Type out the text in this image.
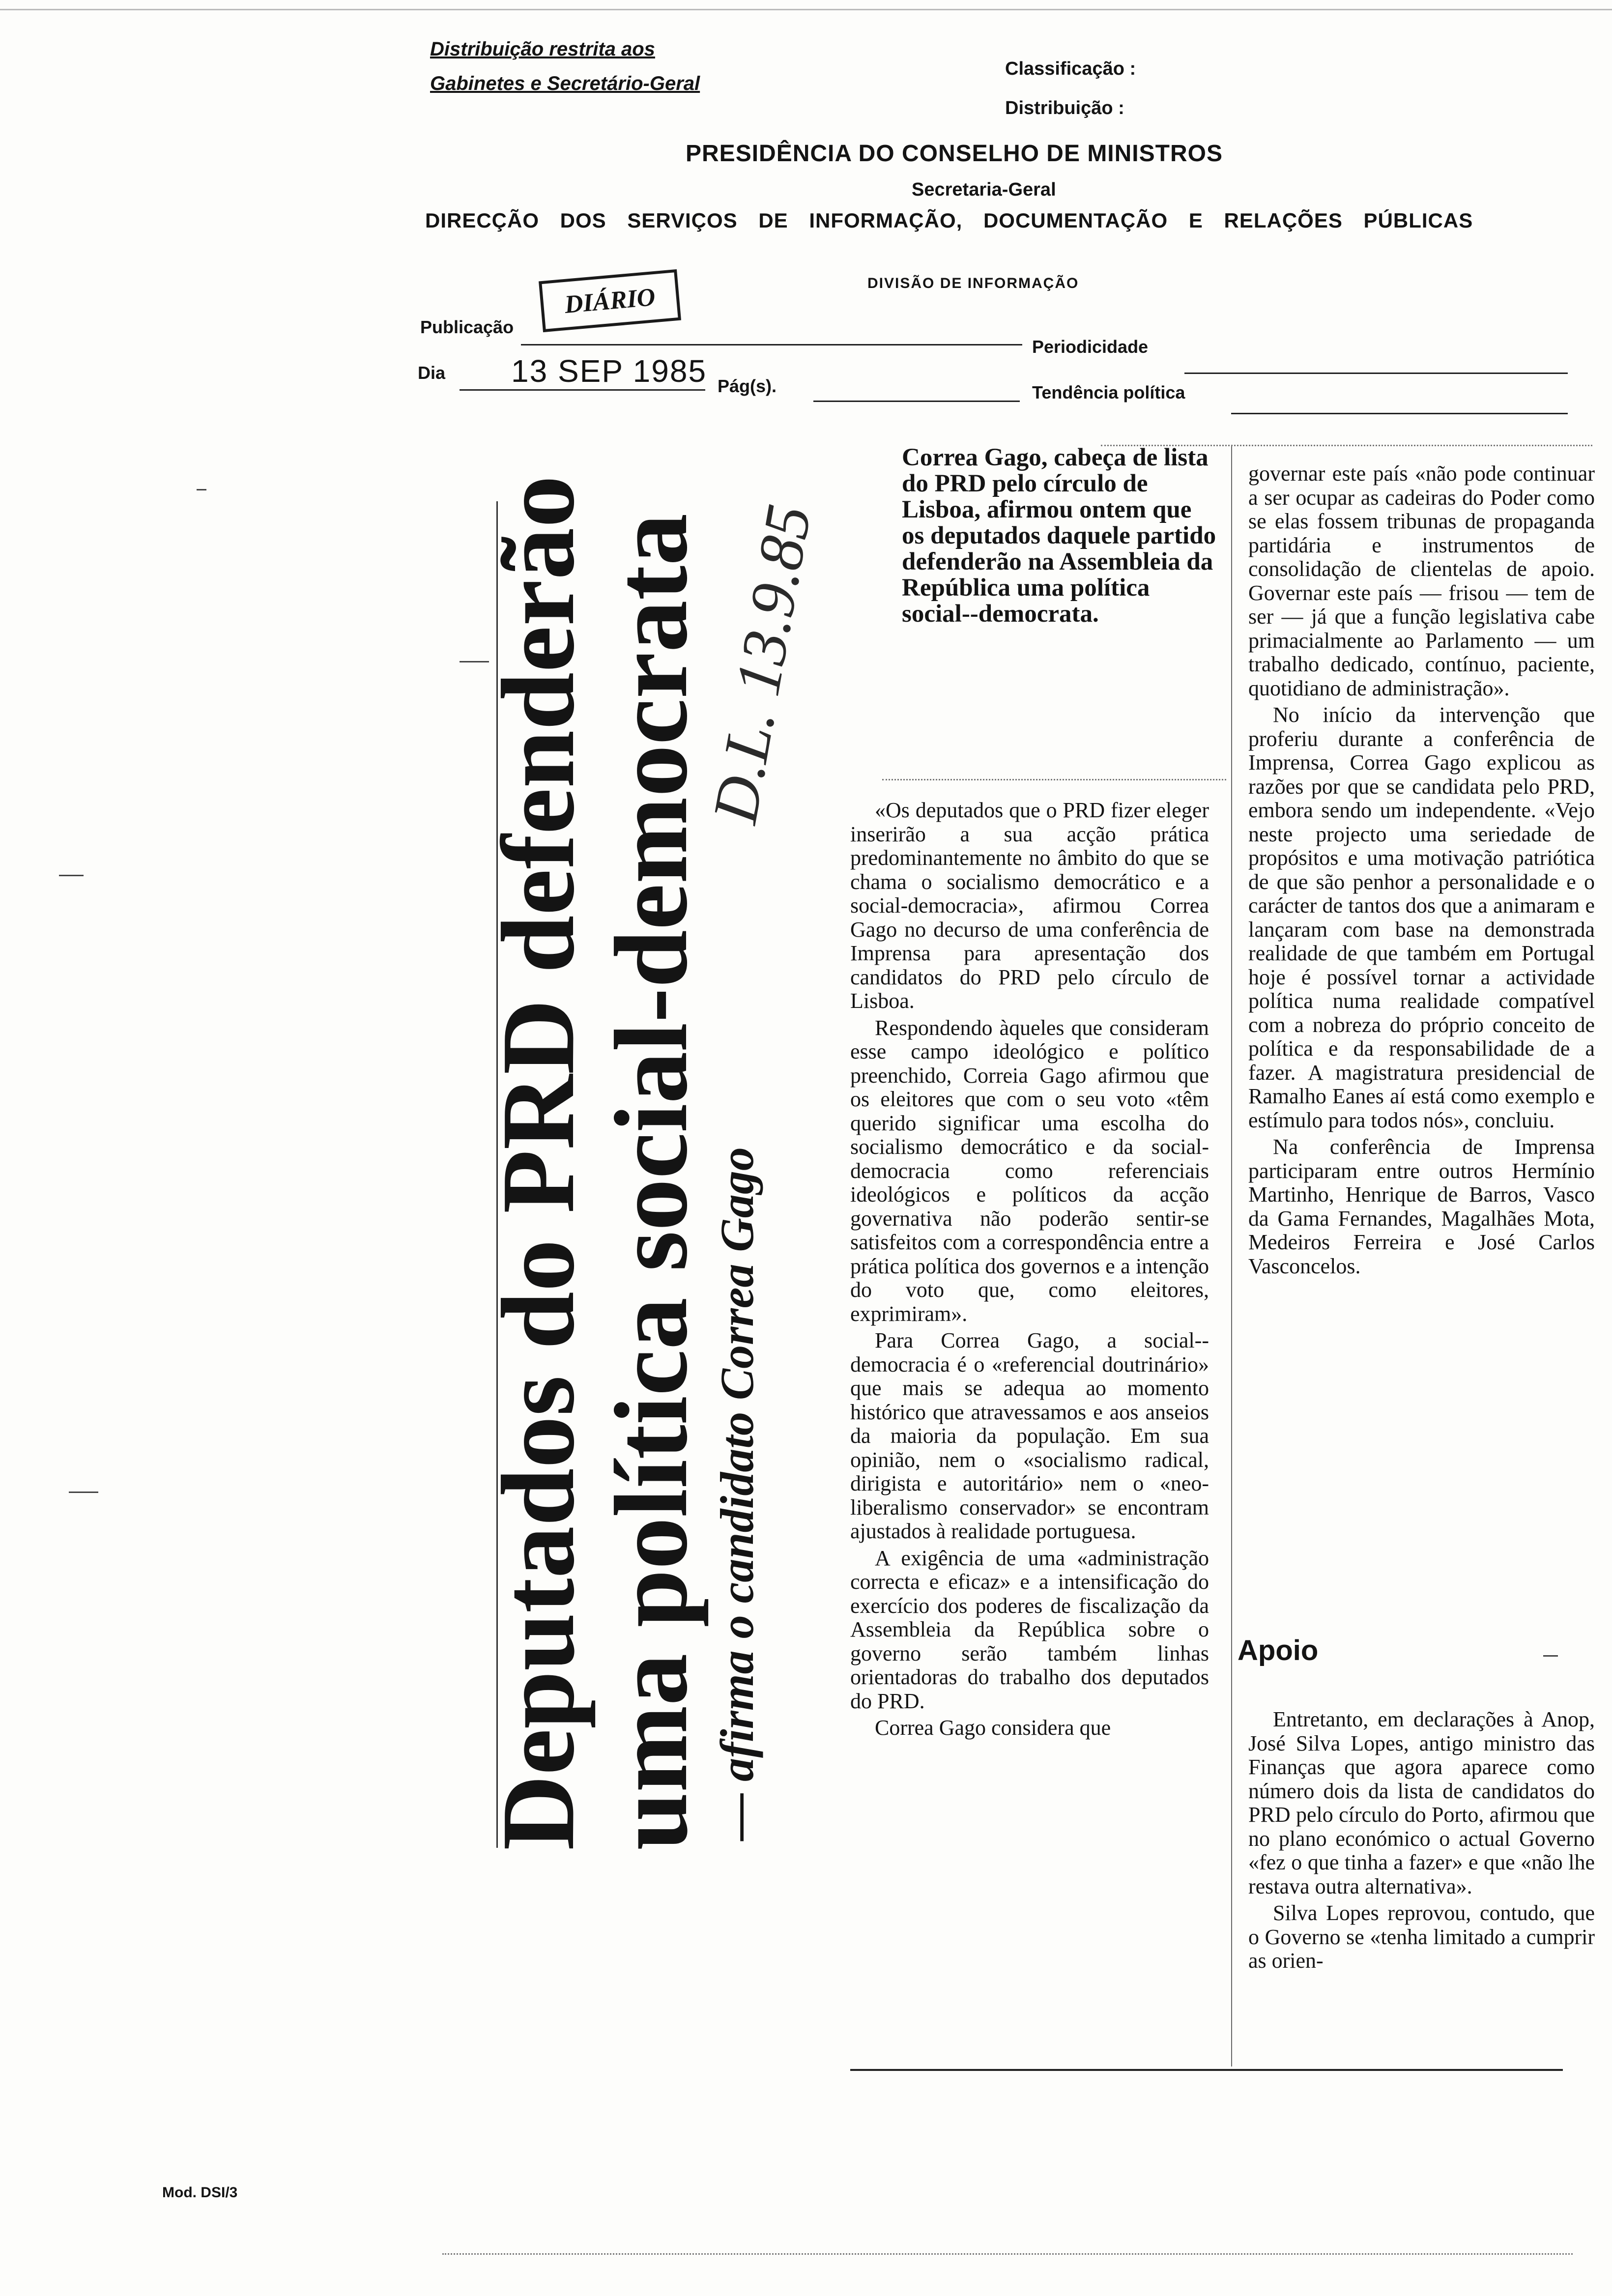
Distribuição restrita aos
Gabinetes e Secretário-Geral
Classificação :
Distribuição :
PRESIDÊNCIA DO CONSELHO DE MINISTROS
Secretaria-Geral
DIRECÇÃO DOS SERVIÇOS DE INFORMAÇÃO, DOCUMENTAÇÃO E RELAÇÕES PÚBLICAS
DIVISÃO DE INFORMAÇÃO
Publicação
DIÁRIO
Periodicidade
Dia 13 SEP 1985 Pág(s).	Tendência política
Deputados do PRD defenderão
uma política social-democrata — afirma o candidato Correa Gago
D.L. 13.9.85
Correa Gago, cabeça de lista do PRD pelo círculo de Lisboa, afirmou ontem que os deputados daquele partido defenderão na Assembleia da República uma política social--democrata.

«Os deputados que o PRD fizer eleger inserirão a sua acção prática predominantemente no âmbito do que se chama o socialismo democrático e a social-democracia», afirmou Correa Gago no decurso de uma conferência de Imprensa para apresentação dos candidatos do PRD pelo círculo de Lisboa.

Respondendo àqueles que consideram esse campo ideológico e político preenchido, Correia Gago afirmou que os eleitores que com o seu voto «têm querido significar uma escolha do socialismo democrático e da social-democracia como referenciais ideológicos e políticos da acção governativa não poderão sentir-se satisfeitos com a correspondência entre a prática política dos governos e a intenção do voto que, como eleitores, exprimiram».

Para Correa Gago, a social--democracia é o «referencial doutrinário» que mais se adequa ao momento histórico que atravessamos e aos anseios da maioria da população. Em sua opinião, nem o «socialismo radical, dirigista e autoritário» nem o «neo-liberalismo conservador» se encontram ajustados à realidade portuguesa.

A exigência de uma «administração correcta e eficaz» e a intensificação do exercício dos poderes de fiscalização da Assembleia da República sobre o governo serão também linhas orientadoras do trabalho dos deputados do PRD.

Correa Gago considera que

governar este país «não pode continuar a ser ocupar as cadeiras do Poder como se elas fossem tribunas de propaganda partidária e instrumentos de consolidação de clientelas de apoio. Governar este país — frisou — tem de ser — já que a função legislativa cabe primacialmente ao Parlamento — um trabalho dedicado, contínuo, paciente, quotidiano de administração».

No início da intervenção que proferiu durante a conferência de Imprensa, Correa Gago explicou as razões por que se candidata pelo PRD, embora sendo um independente. «Vejo neste projecto uma seriedade de propósitos e uma motivação patriótica de que são penhor a personalidade e o carácter de tantos dos que a animaram e lançaram com base na demonstrada realidade de que também em Portugal hoje é possível tornar a actividade política numa realidade compatível com a nobreza do próprio conceito de política e da responsabilidade de a fazer. A magistratura presidencial de Ramalho Eanes aí está como exemplo e estímulo para todos nós», concluiu.

Na conferência de Imprensa participaram entre outros Hermínio Martinho, Henrique de Barros, Vasco da Gama Fernandes, Magalhães Mota, Medeiros Ferreira e José Carlos Vasconcelos.

Apoio

Entretanto, em declarações à Anop, José Silva Lopes, antigo ministro das Finanças que agora aparece como número dois da lista de candidatos do PRD pelo círculo do Porto, afirmou que no plano económico o actual Governo «fez o que tinha a fazer» e que «não lhe restava outra alternativa».

Silva Lopes reprovou, contudo, que o Governo se «tenha limitado a cumprir as orien-

Mod. DSI/3
